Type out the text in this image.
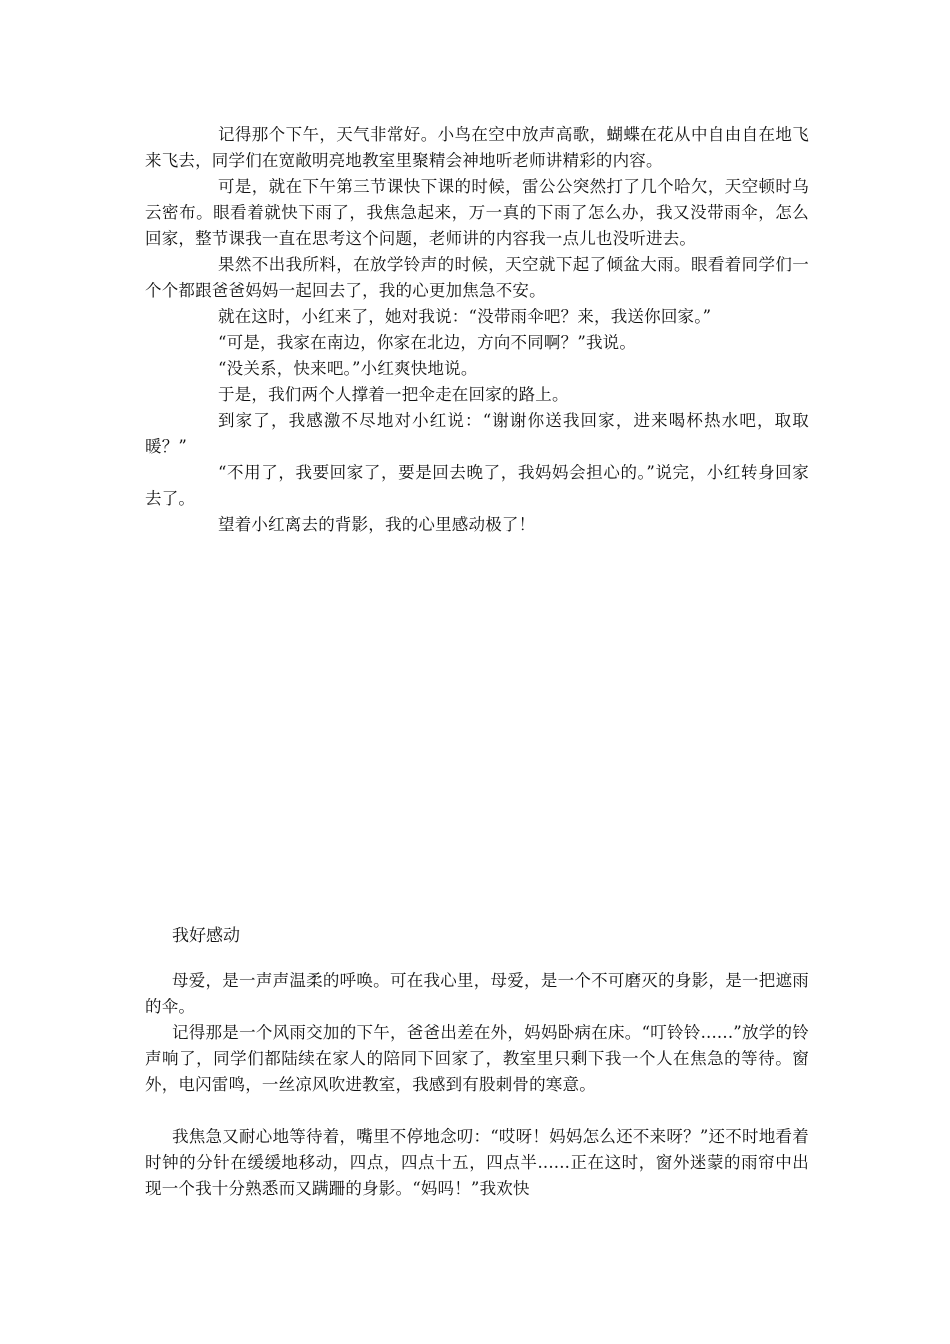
记得那个下午，天气非常好。小鸟在空中放声高歌，蝴蝶在花从中自由自在地飞来飞去，同学们在宽敞明亮地教室里聚精会神地听老师讲精彩的内容。

可是，就在下午第三节课快下课的时候，雷公公突然打了几个哈欠，天空顿时乌云密布。眼看着就快下雨了，我焦急起来，万一真的下雨了怎么办，我又没带雨伞，怎么回家，整节课我一直在思考这个问题，老师讲的内容我一点儿也没听进去。

果然不出我所料，在放学铃声的时候，天空就下起了倾盆大雨。眼看着同学们一个个都跟爸爸妈妈一起回去了，我的心更加焦急不安。

就在这时，小红来了，她对我说：“没带雨伞吧？来，我送你回家。”

“可是，我家在南边，你家在北边，方向不同啊？”我说。

“没关系，快来吧。”小红爽快地说。

于是，我们两个人撑着一把伞走在回家的路上。

到家了，我感激不尽地对小红说：“谢谢你送我回家，进来喝杯热水吧，取取暖？”

“不用了，我要回家了，要是回去晚了，我妈妈会担心的。”说完，小红转身回家去了。

望着小红离去的背影，我的心里感动极了！

我好感动

母爱，是一声声温柔的呼唤。可在我心里，母爱，是一个不可磨灭的身影，是一把遮雨的伞。

记得那是一个风雨交加的下午，爸爸出差在外，妈妈卧病在床。“叮铃铃......”放学的铃声响了，同学们都陆续在家人的陪同下回家了，教室里只剩下我一个人在焦急的等待。窗外，电闪雷鸣，一丝凉风吹进教室，我感到有股刺骨的寒意。

我焦急又耐心地等待着，嘴里不停地念叨：“哎呀！妈妈怎么还不来呀？”还不时地看着时钟的分针在缓缓地移动，四点，四点十五，四点半......正在这时，窗外迷蒙的雨帘中出现一个我十分熟悉而又蹒跚的身影。“妈吗！”我欢快
